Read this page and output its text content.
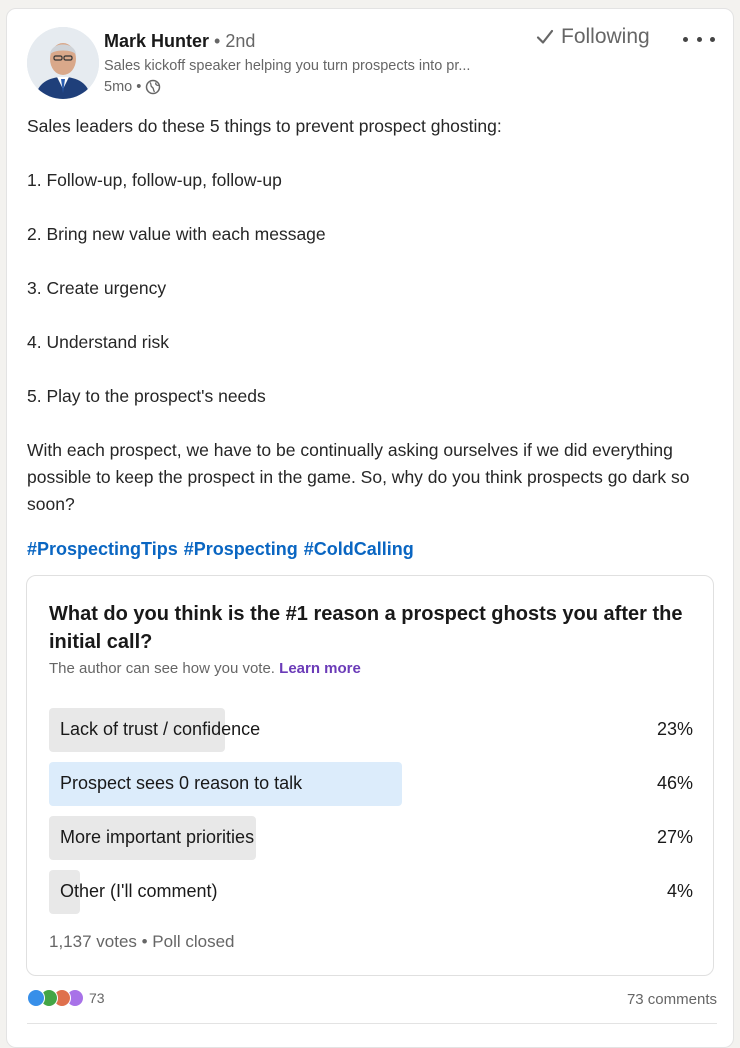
Mark Hunter • 2nd
Sales kickoff speaker helping you turn prospects into pr...
5mo •
Following

Sales leaders do these 5 things to prevent prospect ghosting:

1. Follow-up, follow-up, follow-up

2. Bring new value with each message

3. Create urgency

4. Understand risk

5. Play to the prospect's needs

With each prospect, we have to be continually asking ourselves if we did everything possible to keep the prospect in the game. So, why do you think prospects go dark so soon?

#ProspectingTips #Prospecting #ColdCalling
What do you think is the #1 reason a prospect ghosts you after the initial call?
The author can see how you vote. Learn more
Lack of trust / confidence	23%
Prospect sees 0 reason to talk	46%
More important priorities	27%
Other (I'll comment)	4%
1,137 votes • Poll closed
73	73 comments
